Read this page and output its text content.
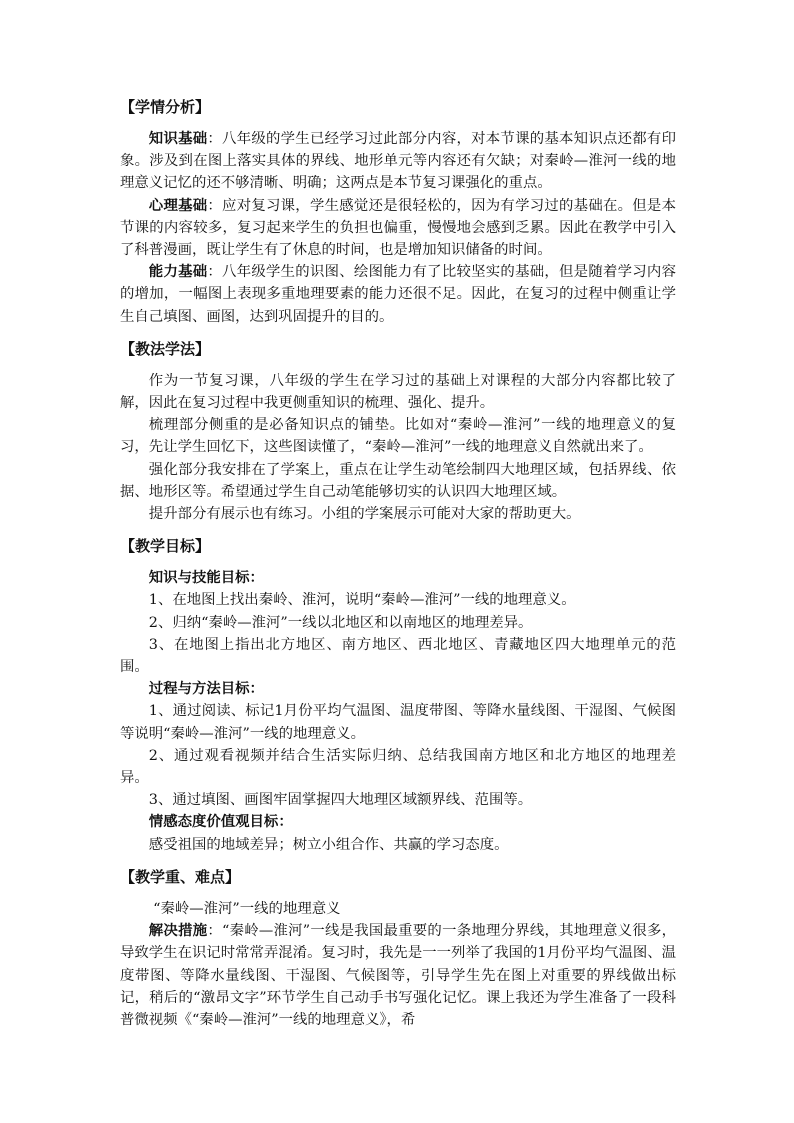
【学情分析】

知识基础：八年级的学生已经学习过此部分内容，对本节课的基本知识点还都有印象。涉及到在图上落实具体的界线、地形单元等内容还有欠缺；对秦岭—淮河一线的地理意义记忆的还不够清晰、明确；这两点是本节复习课强化的重点。

心理基础：应对复习课，学生感觉还是很轻松的，因为有学习过的基础在。但是本节课的内容较多，复习起来学生的负担也偏重，慢慢地会感到乏累。因此在教学中引入了科普漫画，既让学生有了休息的时间，也是增加知识储备的时间。

能力基础：八年级学生的识图、绘图能力有了比较坚实的基础，但是随着学习内容的增加，一幅图上表现多重地理要素的能力还很不足。因此，在复习的过程中侧重让学生自己填图、画图，达到巩固提升的目的。

【教法学法】

作为一节复习课，八年级的学生在学习过的基础上对课程的大部分内容都比较了解，因此在复习过程中我更侧重知识的梳理、强化、提升。

梳理部分侧重的是必备知识点的铺垫。比如对“秦岭—淮河”一线的地理意义的复习，先让学生回忆下，这些图读懂了，“秦岭—淮河”一线的地理意义自然就出来了。

强化部分我安排在了学案上，重点在让学生动笔绘制四大地理区域，包括界线、依据、地形区等。希望通过学生自己动笔能够切实的认识四大地理区域。

提升部分有展示也有练习。小组的学案展示可能对大家的帮助更大。

【教学目标】
知识与技能目标：

1、在地图上找出秦岭、淮河，说明“秦岭—淮河”一线的地理意义。

2、归纳“秦岭—淮河”一线以北地区和以南地区的地理差异。

3、在地图上指出北方地区、南方地区、西北地区、青藏地区四大地理单元的范围。

过程与方法目标：

1、通过阅读、标记1月份平均气温图、温度带图、等降水量线图、干湿图、气候图等说明“秦岭—淮河”一线的地理意义。

2、通过观看视频并结合生活实际归纳、总结我国南方地区和北方地区的地理差异。

3、通过填图、画图牢固掌握四大地理区域额界线、范围等。

情感态度价值观目标：

感受祖国的地域差异；树立小组合作、共赢的学习态度。

【教学重、难点】

“秦岭—淮河”一线的地理意义

解决措施：“秦岭—淮河”一线是我国最重要的一条地理分界线，其地理意义很多，导致学生在识记时常常弄混淆。复习时，我先是一一列举了我国的1月份平均气温图、温度带图、等降水量线图、干湿图、气候图等，引导学生先在图上对重要的界线做出标记，稍后的“激昂文字”环节学生自己动手书写强化记忆。课上我还为学生准备了一段科普微视频《“秦岭—淮河”一线的地理意义》，希
